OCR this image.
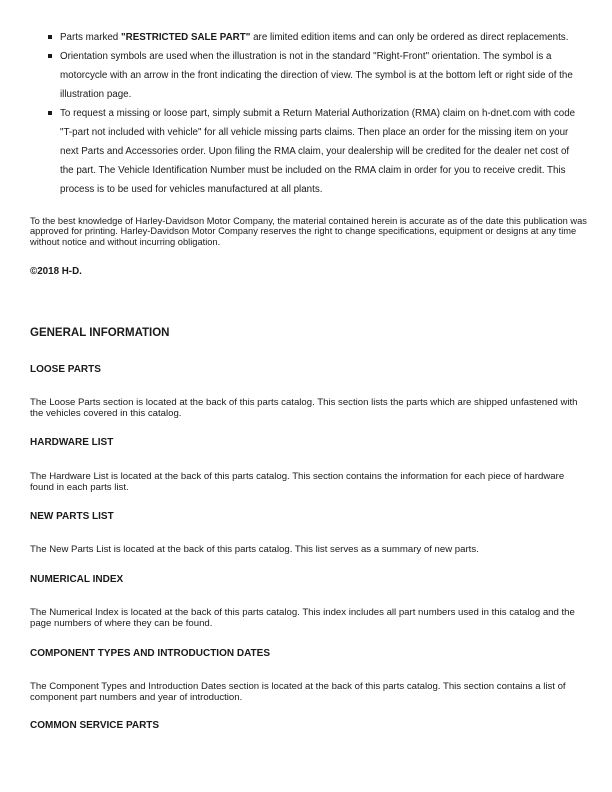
Parts marked "RESTRICTED SALE PART" are limited edition items and can only be ordered as direct replacements.
Orientation symbols are used when the illustration is not in the standard "Right-Front" orientation. The symbol is a motorcycle with an arrow in the front indicating the direction of view. The symbol is at the bottom left or right side of the illustration page.
To request a missing or loose part, simply submit a Return Material Authorization (RMA) claim on h-dnet.com with code "T-part not included with vehicle" for all vehicle missing parts claims. Then place an order for the missing item on your next Parts and Accessories order. Upon filing the RMA claim, your dealership will be credited for the dealer net cost of the part. The Vehicle Identification Number must be included on the RMA claim in order for you to receive credit. This process is to be used for vehicles manufactured at all plants.

To the best knowledge of Harley-Davidson Motor Company, the material contained herein is accurate as of the date this publication was approved for printing. Harley-Davidson Motor Company reserves the right to change specifications, equipment or designs at any time without notice and without incurring obligation.

©2018 H-D.

GENERAL INFORMATION
LOOSE PARTS

The Loose Parts section is located at the back of this parts catalog. This section lists the parts which are shipped unfastened with the vehicles covered in this catalog.

HARDWARE LIST

The Hardware List is located at the back of this parts catalog. This section contains the information for each piece of hardware found in each parts list.

NEW PARTS LIST

The New Parts List is located at the back of this parts catalog. This list serves as a summary of new parts.

NUMERICAL INDEX

The Numerical Index is located at the back of this parts catalog. This index includes all part numbers used in this catalog and the page numbers of where they can be found.

COMPONENT TYPES AND INTRODUCTION DATES

The Component Types and Introduction Dates section is located at the back of this parts catalog. This section contains a list of component part numbers and year of introduction.

COMMON SERVICE PARTS
